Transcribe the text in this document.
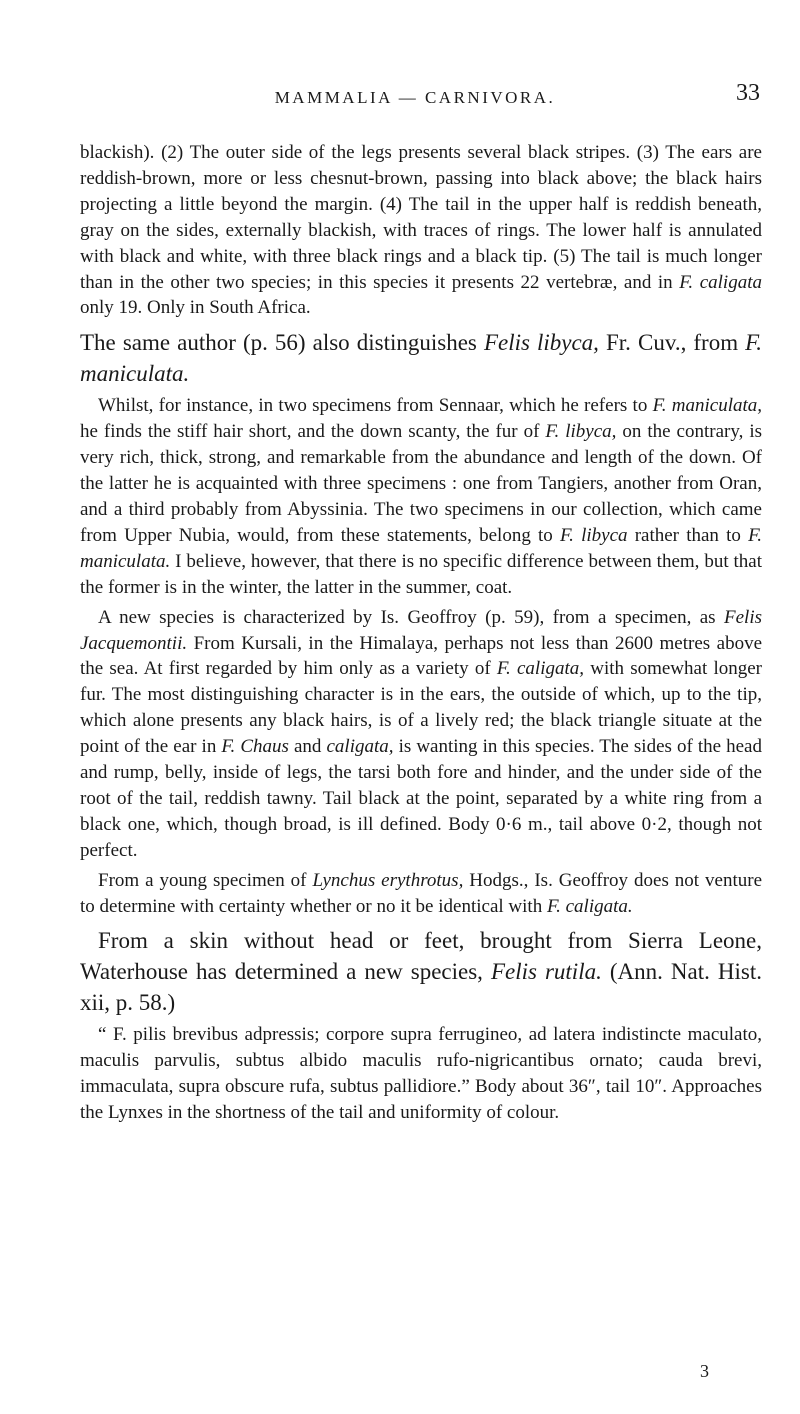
MAMMALIA — CARNIVORA.	33

blackish). (2) The outer side of the legs presents several black stripes. (3) The ears are reddish-brown, more or less chesnut-brown, passing into black above; the black hairs projecting a little beyond the margin. (4) The tail in the upper half is reddish beneath, gray on the sides, externally blackish, with traces of rings. The lower half is annulated with black and white, with three black rings and a black tip. (5) The tail is much longer than in the other two species; in this species it presents 22 vertebræ, and in F. caligata only 19. Only in South Africa.

The same author (p. 56) also distinguishes Felis libyca, Fr. Cuv., from F. maniculata.

Whilst, for instance, in two specimens from Sennaar, which he refers to F. maniculata, he finds the stiff hair short, and the down scanty, the fur of F. libyca, on the contrary, is very rich, thick, strong, and remarkable from the abundance and length of the down. Of the latter he is acquainted with three specimens : one from Tangiers, another from Oran, and a third probably from Abyssinia. The two specimens in our collection, which came from Upper Nubia, would, from these statements, belong to F. libyca rather than to F. maniculata. I believe, however, that there is no specific difference between them, but that the former is in the winter, the latter in the summer, coat.

A new species is characterized by Is. Geoffroy (p. 59), from a specimen, as Felis Jacquemontii. From Kursali, in the Himalaya, perhaps not less than 2600 metres above the sea. At first regarded by him only as a variety of F. caligata, with somewhat longer fur. The most distinguishing character is in the ears, the outside of which, up to the tip, which alone presents any black hairs, is of a lively red; the black triangle situate at the point of the ear in F. Chaus and caligata, is wanting in this species. The sides of the head and rump, belly, inside of legs, the tarsi both fore and hinder, and the under side of the root of the tail, reddish tawny. Tail black at the point, separated by a white ring from a black one, which, though broad, is ill defined. Body 0·6 m., tail above 0·2, though not perfect.

From a young specimen of Lynchus erythrotus, Hodgs., Is. Geoffroy does not venture to determine with certainty whether or no it be identical with F. caligata.

From a skin without head or feet, brought from Sierra Leone, Waterhouse has determined a new species, Felis rutila. (Ann. Nat. Hist. xii, p. 58.)

“ F. pilis brevibus adpressis; corpore supra ferrugineo, ad latera indistincte maculato, maculis parvulis, subtus albido maculis rufo-nigricantibus ornato; cauda brevi, immaculata, supra obscure rufa, subtus pallidiore.” Body about 36″, tail 10″. Approaches the Lynxes in the shortness of the tail and uniformity of colour.

3
